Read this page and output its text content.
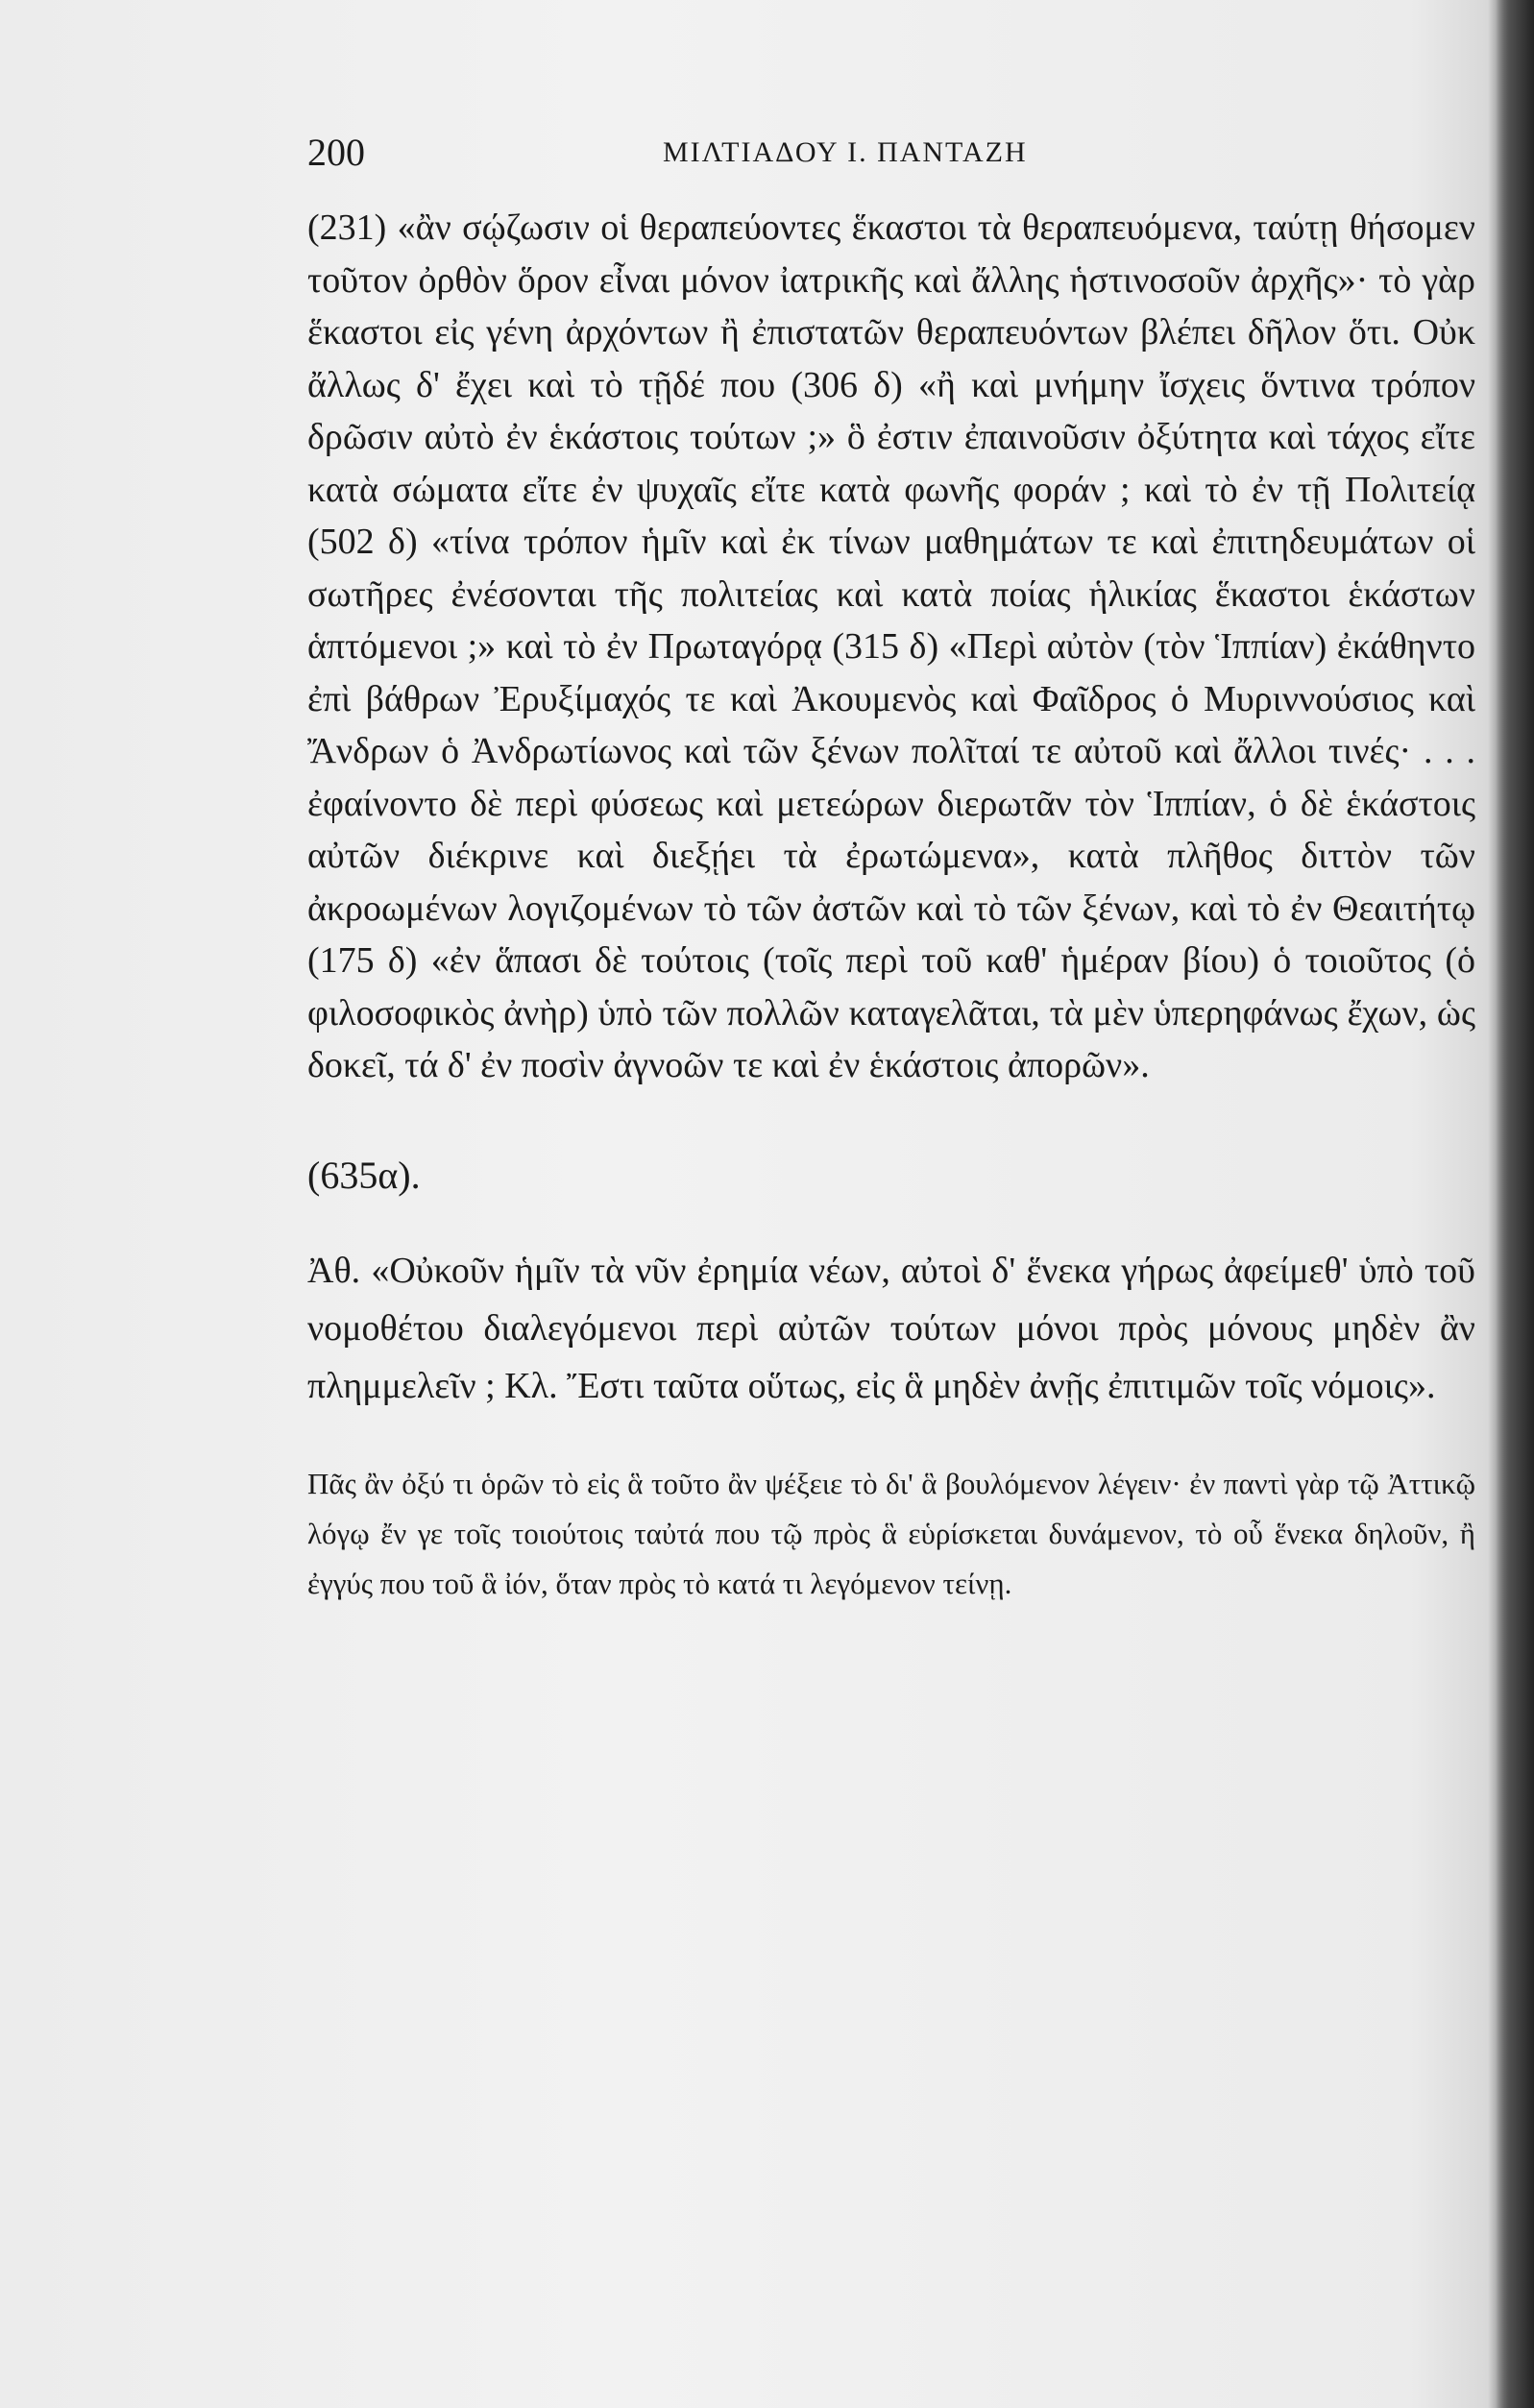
200	ΜΙΛΤΙΑΔΟΥ Ι. ΠΑΝΤΑΖΗ

(231) «ἂν σῴζωσιν οἱ θεραπεύοντες ἕκαστοι τὰ θεραπευόμενα, ταύτῃ θήσομεν τοῦτον ὀρθὸν ὅρον εἶναι μόνον ἰατρικῆς καὶ ἄλλης ἡστινοσοῦν ἀρχῆς»· τὸ γὰρ ἕκαστοι εἰς γένη ἀρχόντων ἢ ἐπιστατῶν θεραπευόντων βλέπει δῆλον ὅτι. Οὐκ ἄλλως δ' ἔχει καὶ τὸ τῇδέ που (306 δ) «ἢ καὶ μνήμην ἴσχεις ὅντινα τρόπον δρῶσιν αὐτὸ ἐν ἑκάστοις τούτων ;» ὃ ἐστιν ἐπαινοῦσιν ὀξύτητα καὶ τάχος εἴτε κατὰ σώματα εἴτε ἐν ψυχαῖς εἴτε κατὰ φωνῆς φοράν ; καὶ τὸ ἐν τῇ Πολιτείᾳ (502 δ) «τίνα τρόπον ἡμῖν καὶ ἐκ τίνων μαθημάτων τε καὶ ἐπιτηδευμάτων οἱ σωτῆρες ἐνέσονται τῆς πολιτείας καὶ κατὰ ποίας ἡλικίας ἕκαστοι ἑκάστων ἁπτόμενοι ;» καὶ τὸ ἐν Πρωταγόρᾳ (315 δ) «Περὶ αὐτὸν (τὸν Ἱππίαν) ἐκάθηντο ἐπὶ βάθρων Ἐρυξίμαχός τε καὶ Ἀκουμενὸς καὶ Φαῖδρος ὁ Μυριννούσιος καὶ Ἄνδρων ὁ Ἀνδρωτίωνος καὶ τῶν ξένων πολῖταί τε αὐτοῦ καὶ ἄλλοι τινές· . . . ἐφαίνοντο δὲ περὶ φύσεως καὶ μετεώρων διερωτᾶν τὸν Ἱππίαν, ὁ δὲ ἑκάστοις αὐτῶν διέκρινε καὶ διεξῄει τὰ ἐρωτώμενα», κατὰ πλῆθος διττὸν τῶν ἀκροωμένων λογιζομένων τὸ τῶν ἀστῶν καὶ τὸ τῶν ξένων, καὶ τὸ ἐν Θεαιτήτῳ (175 δ) «ἐν ἅπασι δὲ τούτοις (τοῖς περὶ τοῦ καθ' ἡμέραν βίου) ὁ τοιοῦτος (ὁ φιλοσοφικὸς ἀνὴρ) ὑπὸ τῶν πολλῶν καταγελᾶται, τὰ μὲν ὑπερηφάνως ἔχων, ὡς δοκεῖ, τά δ' ἐν ποσὶν ἀγνοῶν τε καὶ ἐν ἑκάστοις ἀπορῶν».

(635α).

Ἀθ. «Οὐκοῦν ἡμῖν τὰ νῦν ἐρημία νέων, αὐτοὶ δ' ἕνεκα γήρως ἀφείμεθ' ὑπὸ τοῦ νομοθέτου διαλεγόμενοι περὶ αὐτῶν τούτων μόνοι πρὸς μόνους μηδὲν ἂν πλημμελεῖν ; Κλ. Ἔστι ταῦτα οὕτως, εἰς ἃ μηδὲν ἀνῇς ἐπιτιμῶν τοῖς νόμοις».

Πᾶς ἂν ὀξύ τι ὁρῶν τὸ εἰς ἃ τοῦτο ἂν ψέξειε τὸ δι' ἃ βουλόμενον λέγειν· ἐν παντὶ γὰρ τῷ Ἀττικῷ λόγῳ ἔν γε τοῖς τοιούτοις ταὐτά που τῷ πρὸς ἃ εὑρίσκεται δυνάμενον, τὸ οὗ ἕνεκα δηλοῦν, ἢ ἐγγύς που τοῦ ἃ ἰόν, ὅταν πρὸς τὸ κατά τι λεγόμενον τείνῃ.
